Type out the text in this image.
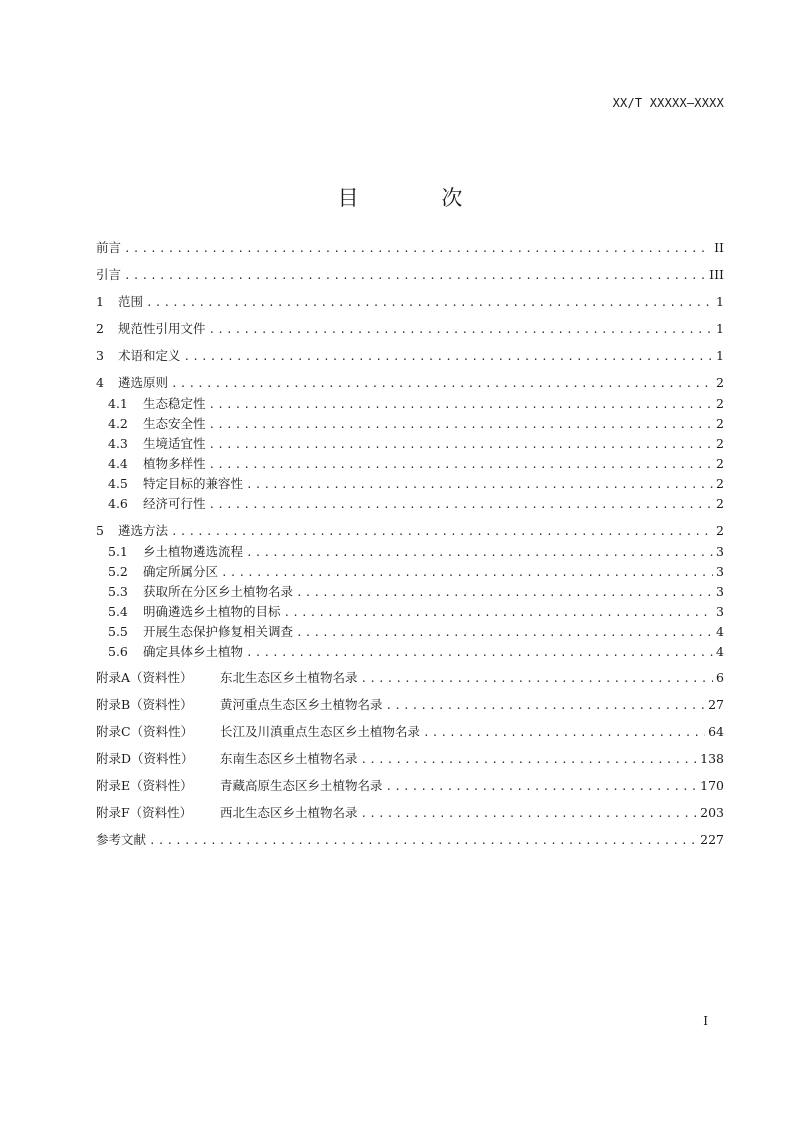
XX/T XXXXX—XXXX
目 次
前言 .....	II
引言 .....	III
1	范围 .....	1
2	规范性引用文件 .....	1
3	术语和定义 .....	1
4	遴选原则 .....	2
4.1	生态稳定性 .....	2
4.2	生态安全性 .....	2
4.3	生境适宜性 .....	2
4.4	植物多样性 .....	2
4.5	特定目标的兼容性 .....	2
4.6	经济可行性 .....	2
5	遴选方法 .....	2
5.1	乡土植物遴选流程 .....	3
5.2	确定所属分区 .....	3
5.3	获取所在分区乡土植物名录 .....	3
5.4	明确遴选乡土植物的目标 .....	3
5.5	开展生态保护修复相关调查 .....	4
5.6	确定具体乡土植物 .....	4
附录A（资料性）	东北生态区乡土植物名录 .....	6
附录B（资料性）	黄河重点生态区乡土植物名录 .....	27
附录C（资料性）	长江及川滇重点生态区乡土植物名录 .....	64
附录D（资料性）	东南生态区乡土植物名录 .....	138
附录E（资料性）	青藏高原生态区乡土植物名录 .....	170
附录F（资料性）	西北生态区乡土植物名录 .....	203
参考文献 .....	227
I
